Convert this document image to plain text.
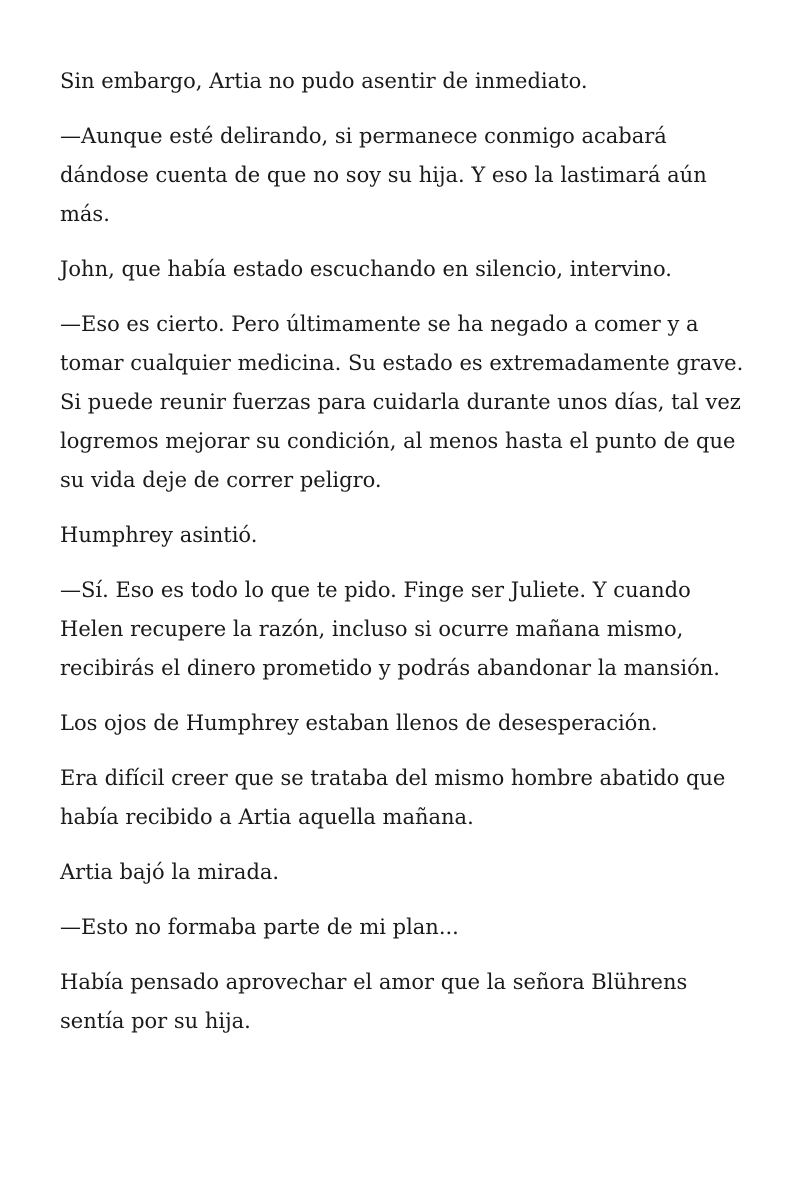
Sin embargo, Artia no pudo asentir de inmediato.

—Aunque esté delirando, si permanece conmigo acabará dándose cuenta de que no soy su hija. Y eso la lastimará aún más.

John, que había estado escuchando en silencio, intervino.

—Eso es cierto. Pero últimamente se ha negado a comer y a tomar cualquier medicina. Su estado es extremadamente grave. Si puede reunir fuerzas para cuidarla durante unos días, tal vez logremos mejorar su condición, al menos hasta el punto de que su vida deje de correr peligro.

Humphrey asintió.

—Sí. Eso es todo lo que te pido. Finge ser Juliete. Y cuando Helen recupere la razón, incluso si ocurre mañana mismo, recibirás el dinero prometido y podrás abandonar la mansión.

Los ojos de Humphrey estaban llenos de desesperación.

Era difícil creer que se trataba del mismo hombre abatido que había recibido a Artia aquella mañana.

Artia bajó la mirada.

—Esto no formaba parte de mi plan...

Había pensado aprovechar el amor que la señora Blührens sentía por su hija.
